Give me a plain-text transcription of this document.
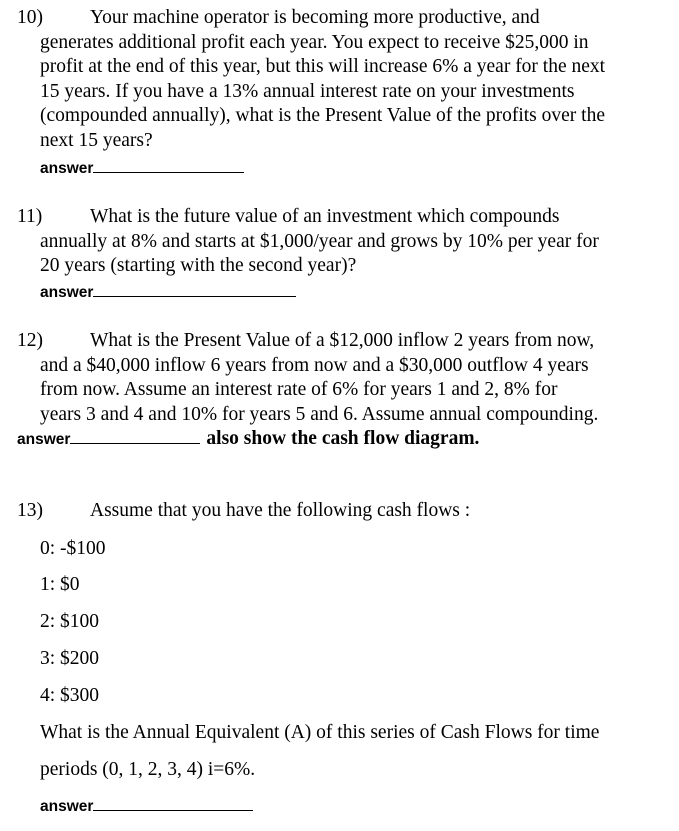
10) Your machine operator is becoming more productive, and
generates additional profit each year. You expect to receive $25,000 in
profit at the end of this year, but this will increase 6% a year for the next
15 years. If you have a 13% annual interest rate on your investments
(compounded annually), what is the Present Value of the profits over the
next 15 years?

answer

11) What is the future value of an investment which compounds
annually at 8% and starts at $1,000/year and grows by 10% per year for
20 years (starting with the second year)?

answer

12) What is the Present Value of a $12,000 inflow 2 years from now,
and a $40,000 inflow 6 years from now and a $30,000 outflow 4 years
from now. Assume an interest rate of 6% for years 1 and 2, 8% for
years 3 and 4 and 10% for years 5 and 6. Assume annual compounding.

answer	also show the cash flow diagram.

13) Assume that you have the following cash flows :

0: -$100
1: $0
2: $100
3: $200
4: $300
What is the Annual Equivalent (A) of this series of Cash Flows for time
periods (0, 1, 2, 3, 4) i=6%.
answer
